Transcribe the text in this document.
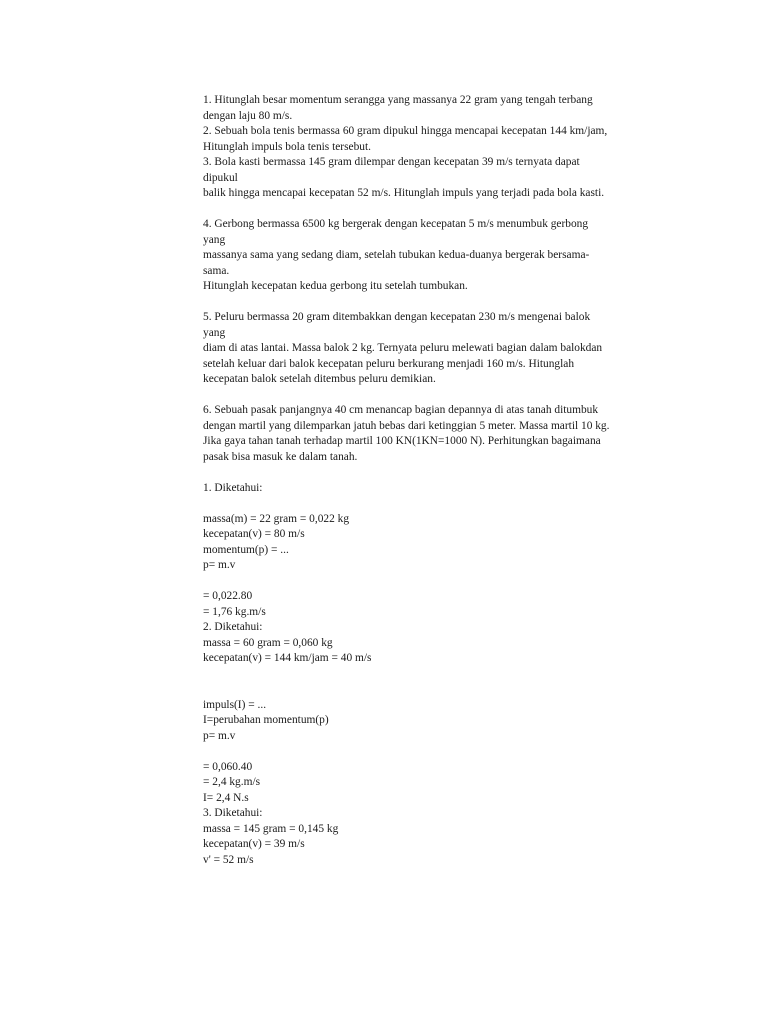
1. Hitunglah besar momentum serangga yang massanya 22 gram yang tengah terbang
dengan laju 80 m/s.
2. Sebuah bola tenis bermassa 60 gram dipukul hingga mencapai kecepatan 144 km/jam,
Hitunglah impuls bola tenis tersebut.
3. Bola kasti bermassa 145 gram dilempar dengan kecepatan 39 m/s ternyata dapat
dipukul
balik hingga mencapai kecepatan 52 m/s. Hitunglah impuls yang terjadi pada bola kasti.
4. Gerbong bermassa 6500 kg bergerak dengan kecepatan 5 m/s menumbuk gerbong
yang
massanya sama yang sedang diam, setelah tubukan kedua-duanya bergerak bersama-
sama.
Hitunglah kecepatan kedua gerbong itu setelah tumbukan.
5. Peluru bermassa 20 gram ditembakkan dengan kecepatan 230 m/s mengenai balok
yang
diam di atas lantai. Massa balok 2 kg. Ternyata peluru melewati bagian dalam balokdan
setelah keluar dari balok kecepatan peluru berkurang menjadi 160 m/s. Hitunglah
kecepatan balok setelah ditembus peluru demikian.
6. Sebuah pasak panjangnya 40 cm menancap bagian depannya di atas tanah ditumbuk
dengan martil yang dilemparkan jatuh bebas dari ketinggian 5 meter. Massa martil 10 kg.
Jika gaya tahan tanah terhadap martil 100 KN(1KN=1000 N). Perhitungkan bagaimana
pasak bisa masuk ke dalam tanah.
1. Diketahui:
massa(m) = 22 gram = 0,022 kg
kecepatan(v) = 80 m/s
momentum(p) = ...
p= m.v
= 0,022.80
= 1,76 kg.m/s
2. Diketahui:
massa = 60 gram = 0,060 kg
kecepatan(v) = 144 km/jam = 40 m/s
impuls(I) = ...
I=perubahan momentum(p)
p= m.v
= 0,060.40
= 2,4 kg.m/s
I= 2,4 N.s
3. Diketahui:
massa = 145 gram = 0,145 kg
kecepatan(v) = 39 m/s
v' = 52 m/s
